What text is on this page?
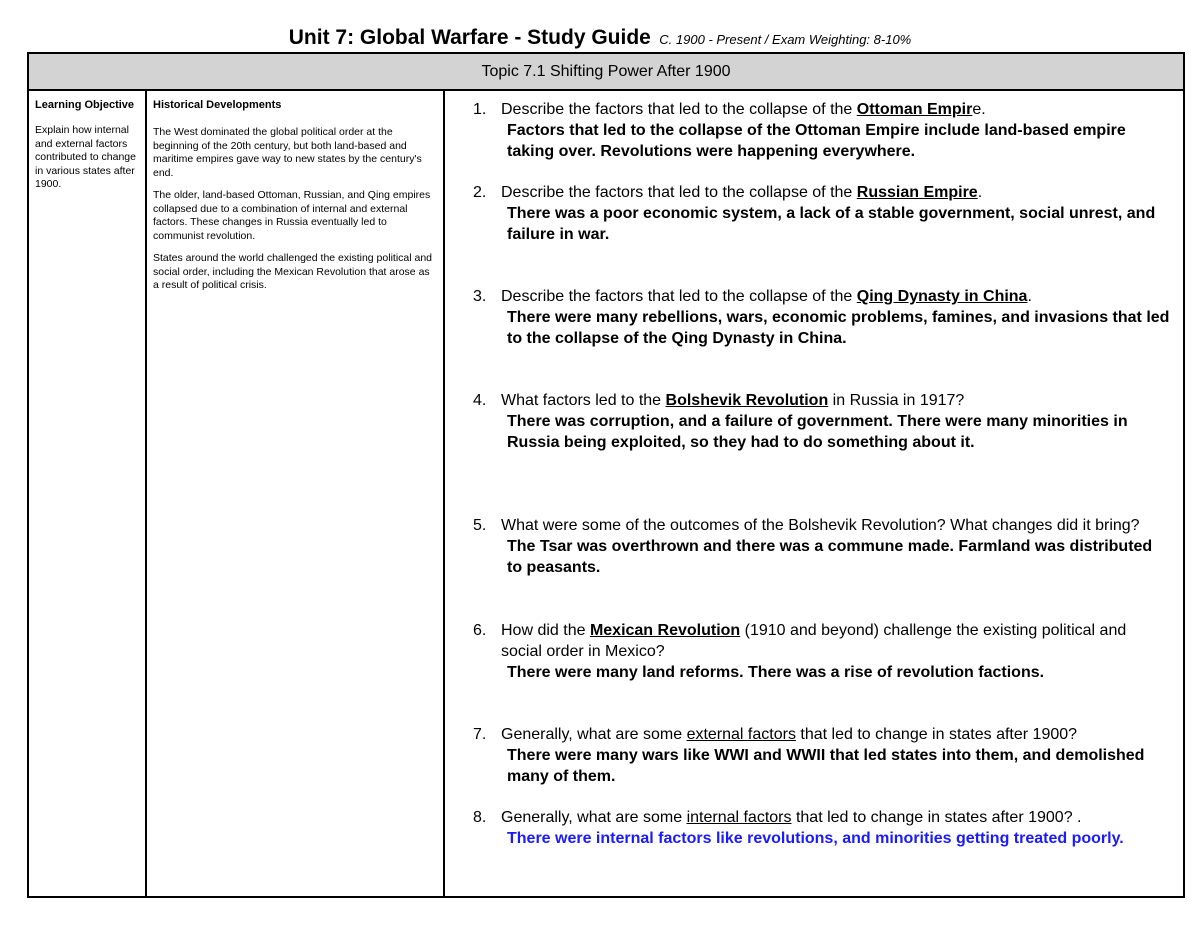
Unit 7: Global Warfare - Study Guide C. 1900 - Present / Exam Weighting: 8-10%
Topic 7.1 Shifting Power After 1900
Learning Objective
Explain how internal and external factors contributed to change in various states after 1900.
Historical Developments
The West dominated the global political order at the beginning of the 20th century, but both land-based and maritime empires gave way to new states by the century's end.
The older, land-based Ottoman, Russian, and Qing empires collapsed due to a combination of internal and external factors. These changes in Russia eventually led to communist revolution.
States around the world challenged the existing political and social order, including the Mexican Revolution that arose as a result of political crisis.
1. Describe the factors that led to the collapse of the Ottoman Empire.
Factors that led to the collapse of the Ottoman Empire include land-based empire taking over. Revolutions were happening everywhere.
2. Describe the factors that led to the collapse of the Russian Empire.
There was a poor economic system, a lack of a stable government, social unrest, and failure in war.
3. Describe the factors that led to the collapse of the Qing Dynasty in China.
There were many rebellions, wars, economic problems, famines, and invasions that led to the collapse of the Qing Dynasty in China.
4. What factors led to the Bolshevik Revolution in Russia in 1917?
There was corruption, and a failure of government. There were many minorities in Russia being exploited, so they had to do something about it.
5. What were some of the outcomes of the Bolshevik Revolution? What changes did it bring?
The Tsar was overthrown and there was a commune made. Farmland was distributed to peasants.
6. How did the Mexican Revolution (1910 and beyond) challenge the existing political and social order in Mexico?
There were many land reforms. There was a rise of revolution factions.
7. Generally, what are some external factors that led to change in states after 1900?
There were many wars like WWI and WWII that led states into them, and demolished many of them.
8. Generally, what are some internal factors that led to change in states after 1900? .
There were internal factors like revolutions, and minorities getting treated poorly.
